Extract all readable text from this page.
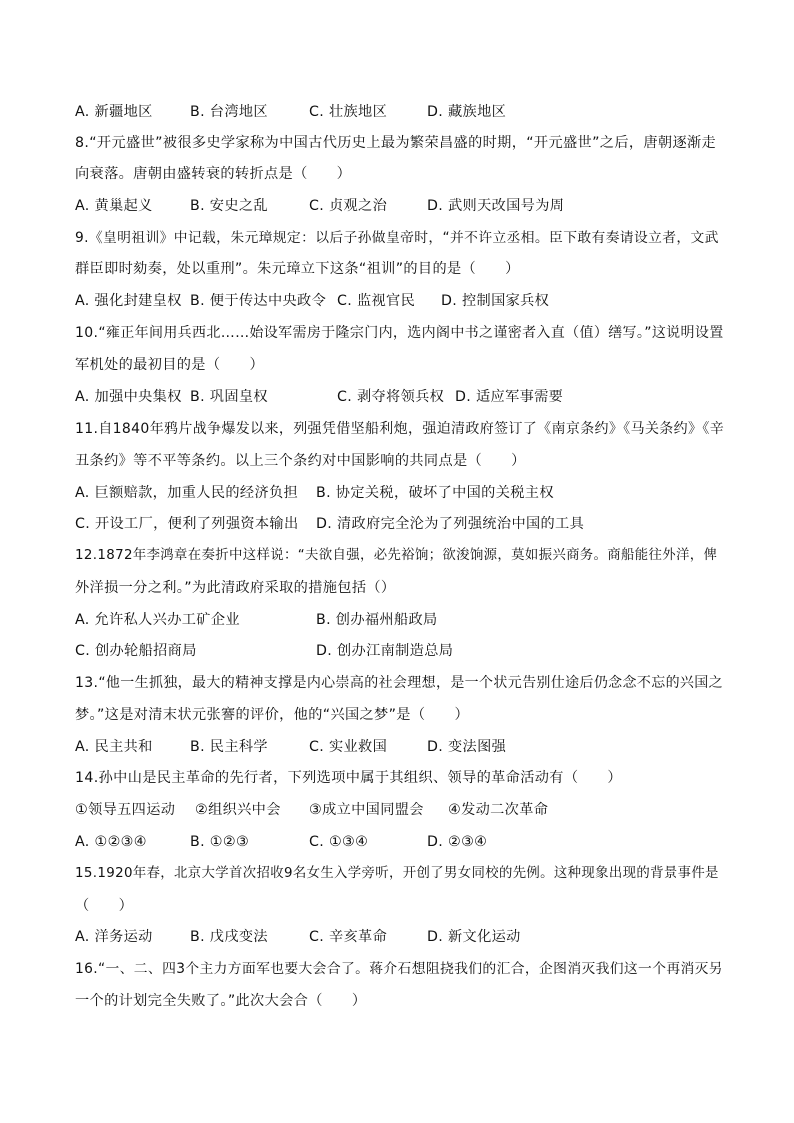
A. 新疆地区	B. 台湾地区	C. 壮族地区	D. 藏族地区
8.“开元盛世”被很多史学家称为中国古代历史上最为繁荣昌盛的时期，“开元盛世”之后，唐朝逐渐走
向衰落。唐朝由盛转衰的转折点是（　　）
A. 黄巢起义	B. 安史之乱	C. 贞观之治	D. 武则天改国号为周
9.《皇明祖训》中记载，朱元璋规定：以后子孙做皇帝时，“并不许立丞相。臣下敢有奏请设立者，文武
群臣即时劾奏，处以重刑”。朱元璋立下这条“祖训”的目的是（　　）
A. 强化封建皇权 B. 便于传达中央政令 C. 监视官民 D. 控制国家兵权
10.“雍正年间用兵西北……始设军需房于隆宗门内，选内阁中书之谨密者入直（值）缮写。”这说明设置
军机处的最初目的是（　　）
A. 加强中央集权 B. 巩固皇权	C. 剥夺将领兵权 D. 适应军事需要
11.自1840年鸦片战争爆发以来，列强凭借坚船利炮，强迫清政府签订了《南京条约》《马关条约》《辛
丑条约》等不平等条约。以上三个条约对中国影响的共同点是（　　）
A. 巨额赔款，加重人民的经济负担 B. 协定关税，破坏了中国的关税主权
C. 开设工厂，便利了列强资本输出 D. 清政府完全沦为了列强统治中国的工具
12.1872年李鸿章在奏折中这样说：“夫欲自强，必先裕饷；欲浚饷源，莫如振兴商务。商船能往外洋，俾
外洋损一分之利。”为此清政府采取的措施包括（）
A. 允许私人兴办工矿企业	B. 创办福州船政局
C. 创办轮船招商局	D. 创办江南制造总局
13.“他一生抓独，最大的精神支撑是内心崇高的社会理想，是一个状元告别仕途后仍念念不忘的兴国之
梦。”这是对清末状元张謇的评价，他的“兴国之梦”是（　　）
A. 民主共和	B. 民主科学	C. 实业救国	D. 变法图强
14.孙中山是民主革命的先行者，下列选项中属于其组织、领导的革命活动有（　　）
①领导五四运动 ②组织兴中会 ③成立中国同盟会 ④发动二次革命
A. ①②③④	B. ①②③	C. ①③④	D. ②③④
15.1920年春，北京大学首次招收9名女生入学旁听，开创了男女同校的先例。这种现象出现的背景事件是
（　　）
A. 洋务运动	B. 戊戌变法	C. 辛亥革命	D. 新文化运动
16.“一、二、四3个主力方面军也要大会合了。蒋介石想阻挠我们的汇合，企图消灭我们这一个再消灭另
一个的计划完全失败了。”此次大会合（　　）
